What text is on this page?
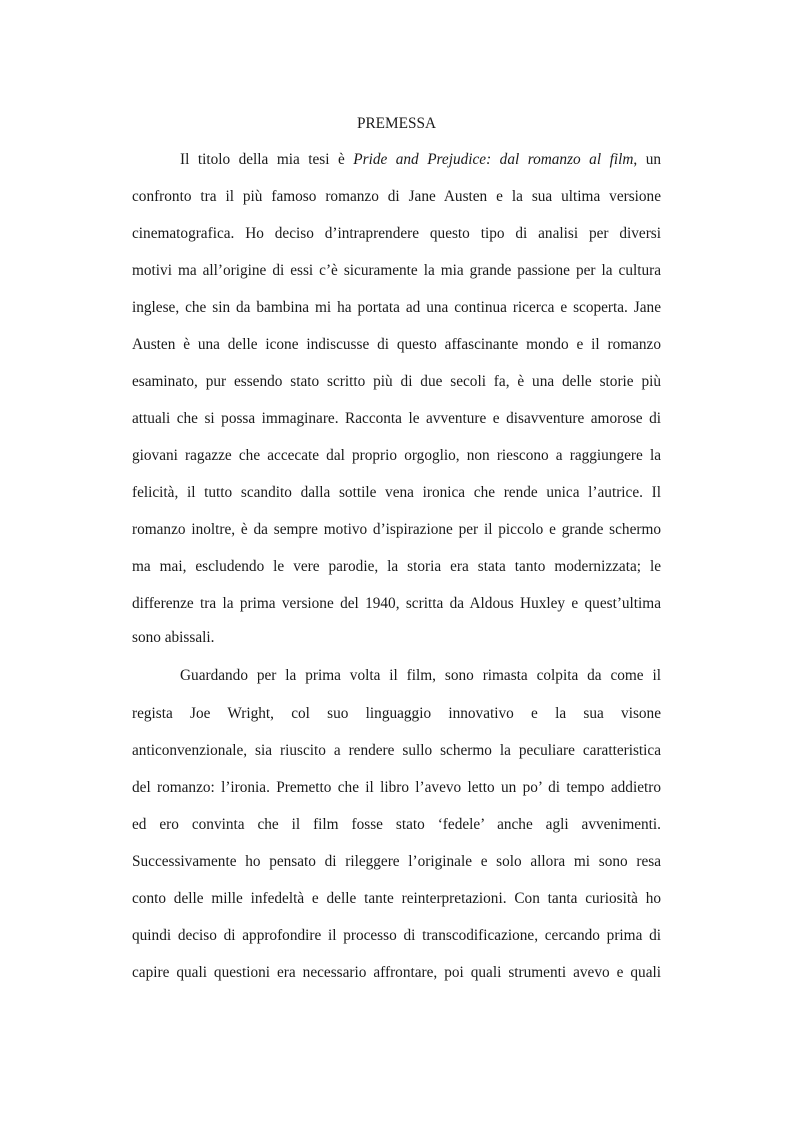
PREMESSA
Il titolo della mia tesi è Pride and Prejudice: dal romanzo al film, un
confronto tra il più famoso romanzo di Jane Austen e la sua ultima versione
cinematografica. Ho deciso d’intraprendere questo tipo di analisi per diversi
motivi ma all’origine di essi c’è sicuramente la mia grande passione per la cultura
inglese, che sin da bambina mi ha portata ad una continua ricerca e scoperta. Jane
Austen è una delle icone indiscusse di questo affascinante mondo e il romanzo
esaminato, pur essendo stato scritto più di due secoli fa, è una delle storie più
attuali che si possa immaginare. Racconta le avventure e disavventure amorose di
giovani ragazze che accecate dal proprio orgoglio, non riescono a raggiungere la
felicità, il tutto scandito dalla sottile vena ironica che rende unica l’autrice. Il
romanzo inoltre, è da sempre motivo d’ispirazione per il piccolo e grande schermo
ma mai, escludendo le vere parodie, la storia era stata tanto modernizzata; le
differenze tra la prima versione del 1940, scritta da Aldous Huxley e quest’ultima
sono abissali.
Guardando per la prima volta il film, sono rimasta colpita da come il
regista Joe Wright, col suo linguaggio innovativo e la sua visone
anticonvenzionale, sia riuscito a rendere sullo schermo la peculiare caratteristica
del romanzo: l’ironia. Premetto che il libro l’avevo letto un po’ di tempo addietro
ed ero convinta che il film fosse stato ‘fedele’ anche agli avvenimenti.
Successivamente ho pensato di rileggere l’originale e solo allora mi sono resa
conto delle mille infedeltà e delle tante reinterpretazioni. Con tanta curiosità ho
quindi deciso di approfondire il processo di transcodificazione, cercando prima di
capire quali questioni era necessario affrontare, poi quali strumenti avevo e quali
